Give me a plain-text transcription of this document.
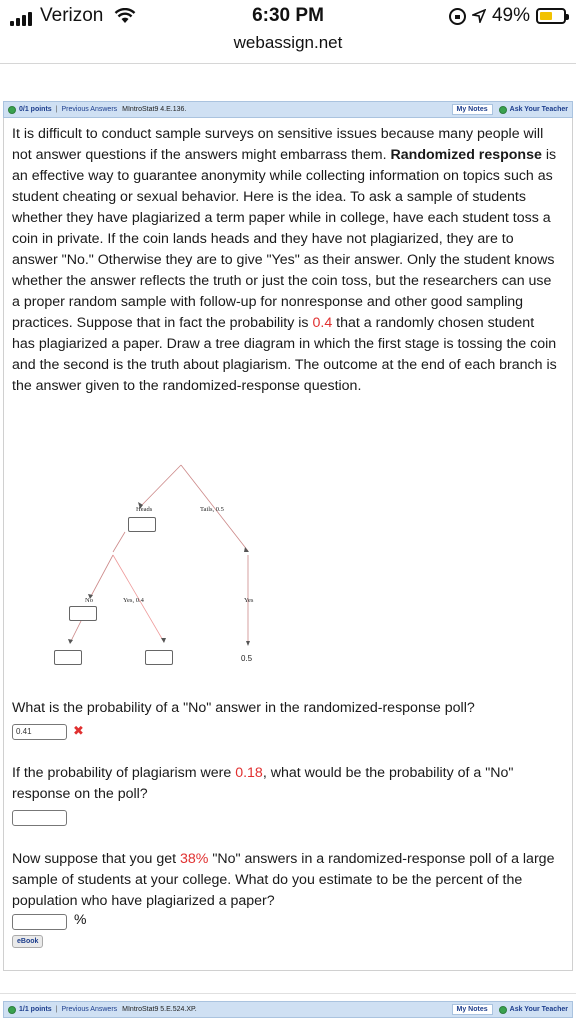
Verizon	6:30 PM	49%
webassign.net
0/1 points | Previous Answers MIntroStat9 4.E.136.	My Notes	Ask Your Teacher
It is difficult to conduct sample surveys on sensitive issues because many people will not answer questions if the answers might embarrass them. Randomized response is an effective way to guarantee anonymity while collecting information on topics such as student cheating or sexual behavior. Here is the idea. To ask a sample of students whether they have plagiarized a term paper while in college, have each student toss a coin in private. If the coin lands heads and they have not plagiarized, they are to answer "No." Otherwise they are to give "Yes" as their answer. Only the student knows whether the answer reflects the truth or just the coin toss, but the researchers can use a proper random sample with follow-up for nonresponse and other good sampling practices. Suppose that in fact the probability is 0.4 that a randomly chosen student has plagiarized a paper. Draw a tree diagram in which the first stage is tossing the coin and the second is the truth about plagiarism. The outcome at the end of each branch is the answer given to the randomized-response question.
Heads	Tails, 0.5
No	Yes, 0.4	Yes
0.5
What is the probability of a "No" answer in the randomized-response poll?
0.41	✖
If the probability of plagiarism were 0.18, what would be the probability of a "No" response on the poll?
Now suppose that you get 38% "No" answers in a randomized-response poll of a large sample of students at your college. What do you estimate to be the percent of the population who have plagiarized a paper?
%
eBook
1/1 points | Previous Answers MIntroStat9 5.E.524.XP.	My Notes	Ask Your Teacher
